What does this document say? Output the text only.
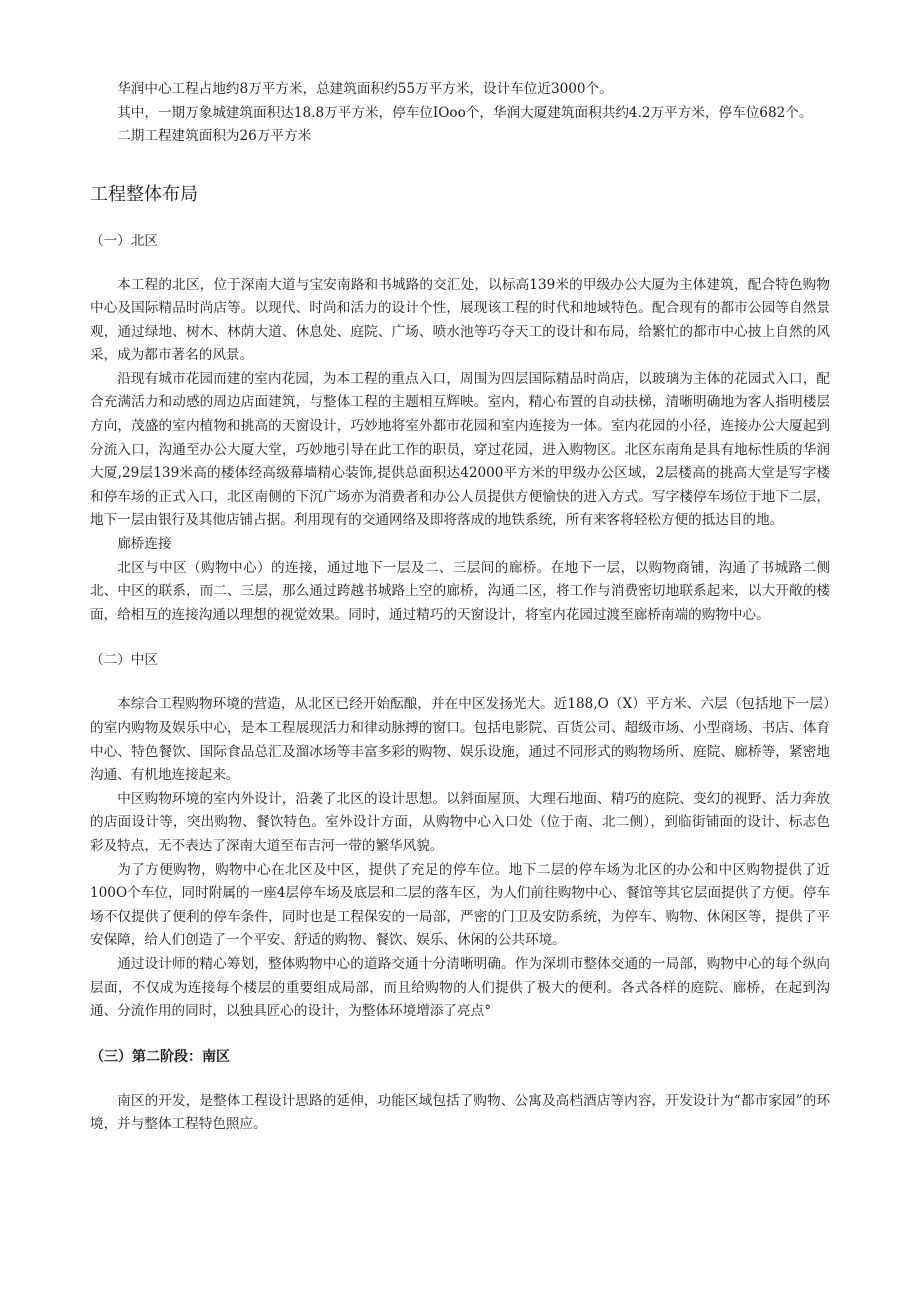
华润中心工程占地约8万平方米，总建筑面积约55万平方米，设计车位近3000个。

其中，一期万象城建筑面积达18.8万平方米，停车位IOoo个，华润大厦建筑面积共约4.2万平方米，停车位682个。

二期工程建筑面积为26万平方米

工程整体布局
（一）北区

本工程的北区，位于深南大道与宝安南路和书城路的交汇处，以标高139米的甲级办公大厦为主体建筑，配合特色购物中心及国际精品时尚店等。以现代、时尚和活力的设计个性，展现该工程的时代和地域特色。配合现有的都市公园等自然景观，通过绿地、树木、林荫大道、休息处、庭院、广场、喷水池等巧夺天工的设计和布局，给繁忙的都市中心披上自然的风采，成为都市著名的风景。

沿现有城市花园而建的室内花园，为本工程的重点入口，周围为四层国际精品时尚店，以玻璃为主体的花园式入口，配合充满活力和动感的周边店面建筑，与整体工程的主题相互辉映。室内，精心布置的自动扶梯，清晰明确地为客人指明楼层方向，茂盛的室内植物和挑高的天窗设计，巧妙地将室外都市花园和室内连接为一体。室内花园的小径，连接办公大厦起到分流入口，沟通至办公大厦大堂，巧妙地引导在此工作的职员，穿过花园，进入购物区。北区东南角是具有地标性质的华润大厦,29层139米高的楼体经高级幕墙精心装饰,提供总面积达42000平方米的甲级办公区域，2层楼高的挑高大堂是写字楼和停车场的正式入口，北区南侧的下沉广场亦为消费者和办公人员提供方便愉快的进入方式。写字楼停车场位于地下二层，地下一层由银行及其他店铺占据。利用现有的交通网络及即将落成的地铁系统，所有来客将轻松方便的抵达目的地。

廊桥连接

北区与中区（购物中心）的连接，通过地下一层及二、三层间的廊桥。在地下一层，以购物商铺，沟通了书城路二侧北、中区的联系，而二、三层，那么通过跨越书城路上空的廊桥，沟通二区，将工作与消费密切地联系起来，以大开敞的楼面，给相互的连接沟通以理想的视觉效果。同时，通过精巧的天窗设计，将室内花园过渡至廊桥南端的购物中心。

（二）中区

本综合工程购物环境的营造，从北区已经开始酝酿，并在中区发扬光大。近188,O（X）平方米、六层（包括地下一层）的室内购物及娱乐中心，是本工程展现活力和律动脉搏的窗口。包括电影院、百货公司、超级市场、小型商场、书店、体育中心、特色餐饮、国际食品总汇及溜冰场等丰富多彩的购物、娱乐设施，通过不同形式的购物场所、庭院、廊桥等，紧密地沟通、有机地连接起来。

中区购物环境的室内外设计，沿袭了北区的设计思想。以斜面屋顶、大理石地面、精巧的庭院、变幻的视野、活力奔放的店面设计等，突出购物、餐饮特色。室外设计方面，从购物中心入口处（位于南、北二侧），到临街铺面的设计、标志色彩及特点，无不表达了深南大道至布吉河一带的繁华风貌。

为了方便购物，购物中心在北区及中区，提供了充足的停车位。地下二层的停车场为北区的办公和中区购物提供了近100O个车位，同时附属的一座4层停车场及底层和二层的落车区，为人们前往购物中心、餐馆等其它层面提供了方便。停车场不仅提供了便利的停车条件，同时也是工程保安的一局部，严密的门卫及安防系统，为停车、购物、休闲区等，提供了平安保障，给人们创造了一个平安、舒适的购物、餐饮、娱乐、休闲的公共环境。

通过设计师的精心筹划，整体购物中心的道路交通十分清晰明确。作为深圳市整体交通的一局部，购物中心的每个纵向层面，不仅成为连接每个楼层的重要组成局部，而且给购物的人们提供了极大的便利。各式各样的庭院、廊桥，在起到沟通、分流作用的同时，以独具匠心的设计，为整体环境增添了亮点°

（三）第二阶段：南区

南区的开发，是整体工程设计思路的延伸，功能区域包括了购物、公寓及高档酒店等内容，开发设计为“都市家园”的环境，并与整体工程特色照应。
